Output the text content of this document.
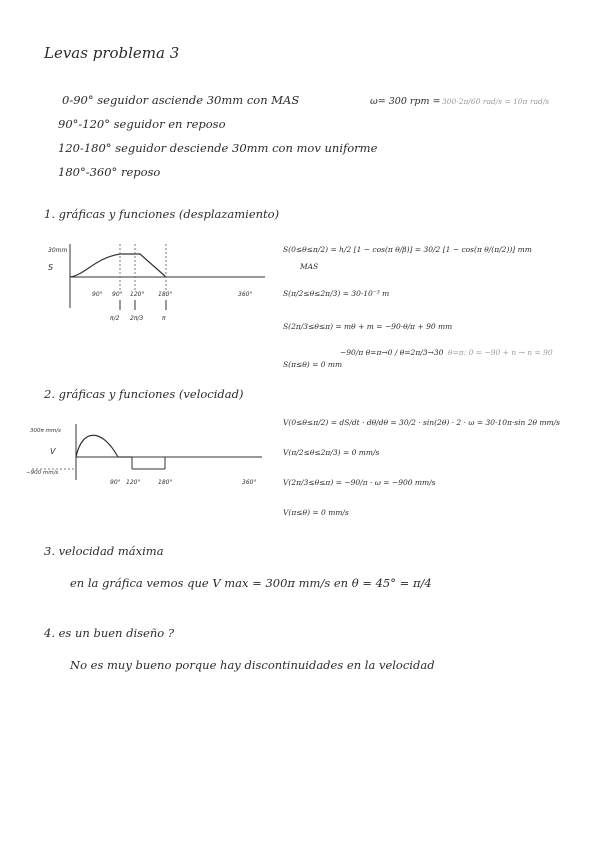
Levas problema 3
0-90° seguidor asciende 30mm con MAS
90°-120° seguidor en reposo
120-180° seguidor desciende 30mm con mov uniforme
180°-360° reposo
ω= 300 rpm = 300·2π/60 rad/s = 10π rad/s
1. gráficas y funciones (desplazamiento)
30mm
S
90° 90° 120° 180°	360°
π/2 2π/3	π
S(0≤θ≤π/2) = h/2 [1 − cos(π θ/β)] = 30/2 [1 − cos(π θ/(π/2))] mm
MAS
S(π/2≤θ≤2π/3) = 30·10⁻³ m
S(2π/3≤θ≤π) = mθ + m = −90·θ/π + 90 mm
−90/π θ=π→0 / θ=2π/3→30 θ=π: 0 = −90 + n → n = 90
S(π≤θ) = 0 mm
2. gráficas y funciones (velocidad)
300π mm/s
V
−900 mm/s
90° 120°	180°	360°
V(0≤θ≤π/2) = dS/dt · dθ/dθ = 30/2 · sin(2θ) · 2 · ω = 30·10π·sin 2θ mm/s
V(π/2≤θ≤2π/3) = 0 mm/s
V(2π/3≤θ≤π) = −90/π · ω = −900 mm/s
V(π≤θ) = 0 mm/s
3. velocidad máxima
en la gráfica vemos que V max = 300π mm/s en θ = 45° = π/4
4. es un buen diseño ?
No es muy bueno porque hay discontinuidades en la velocidad
